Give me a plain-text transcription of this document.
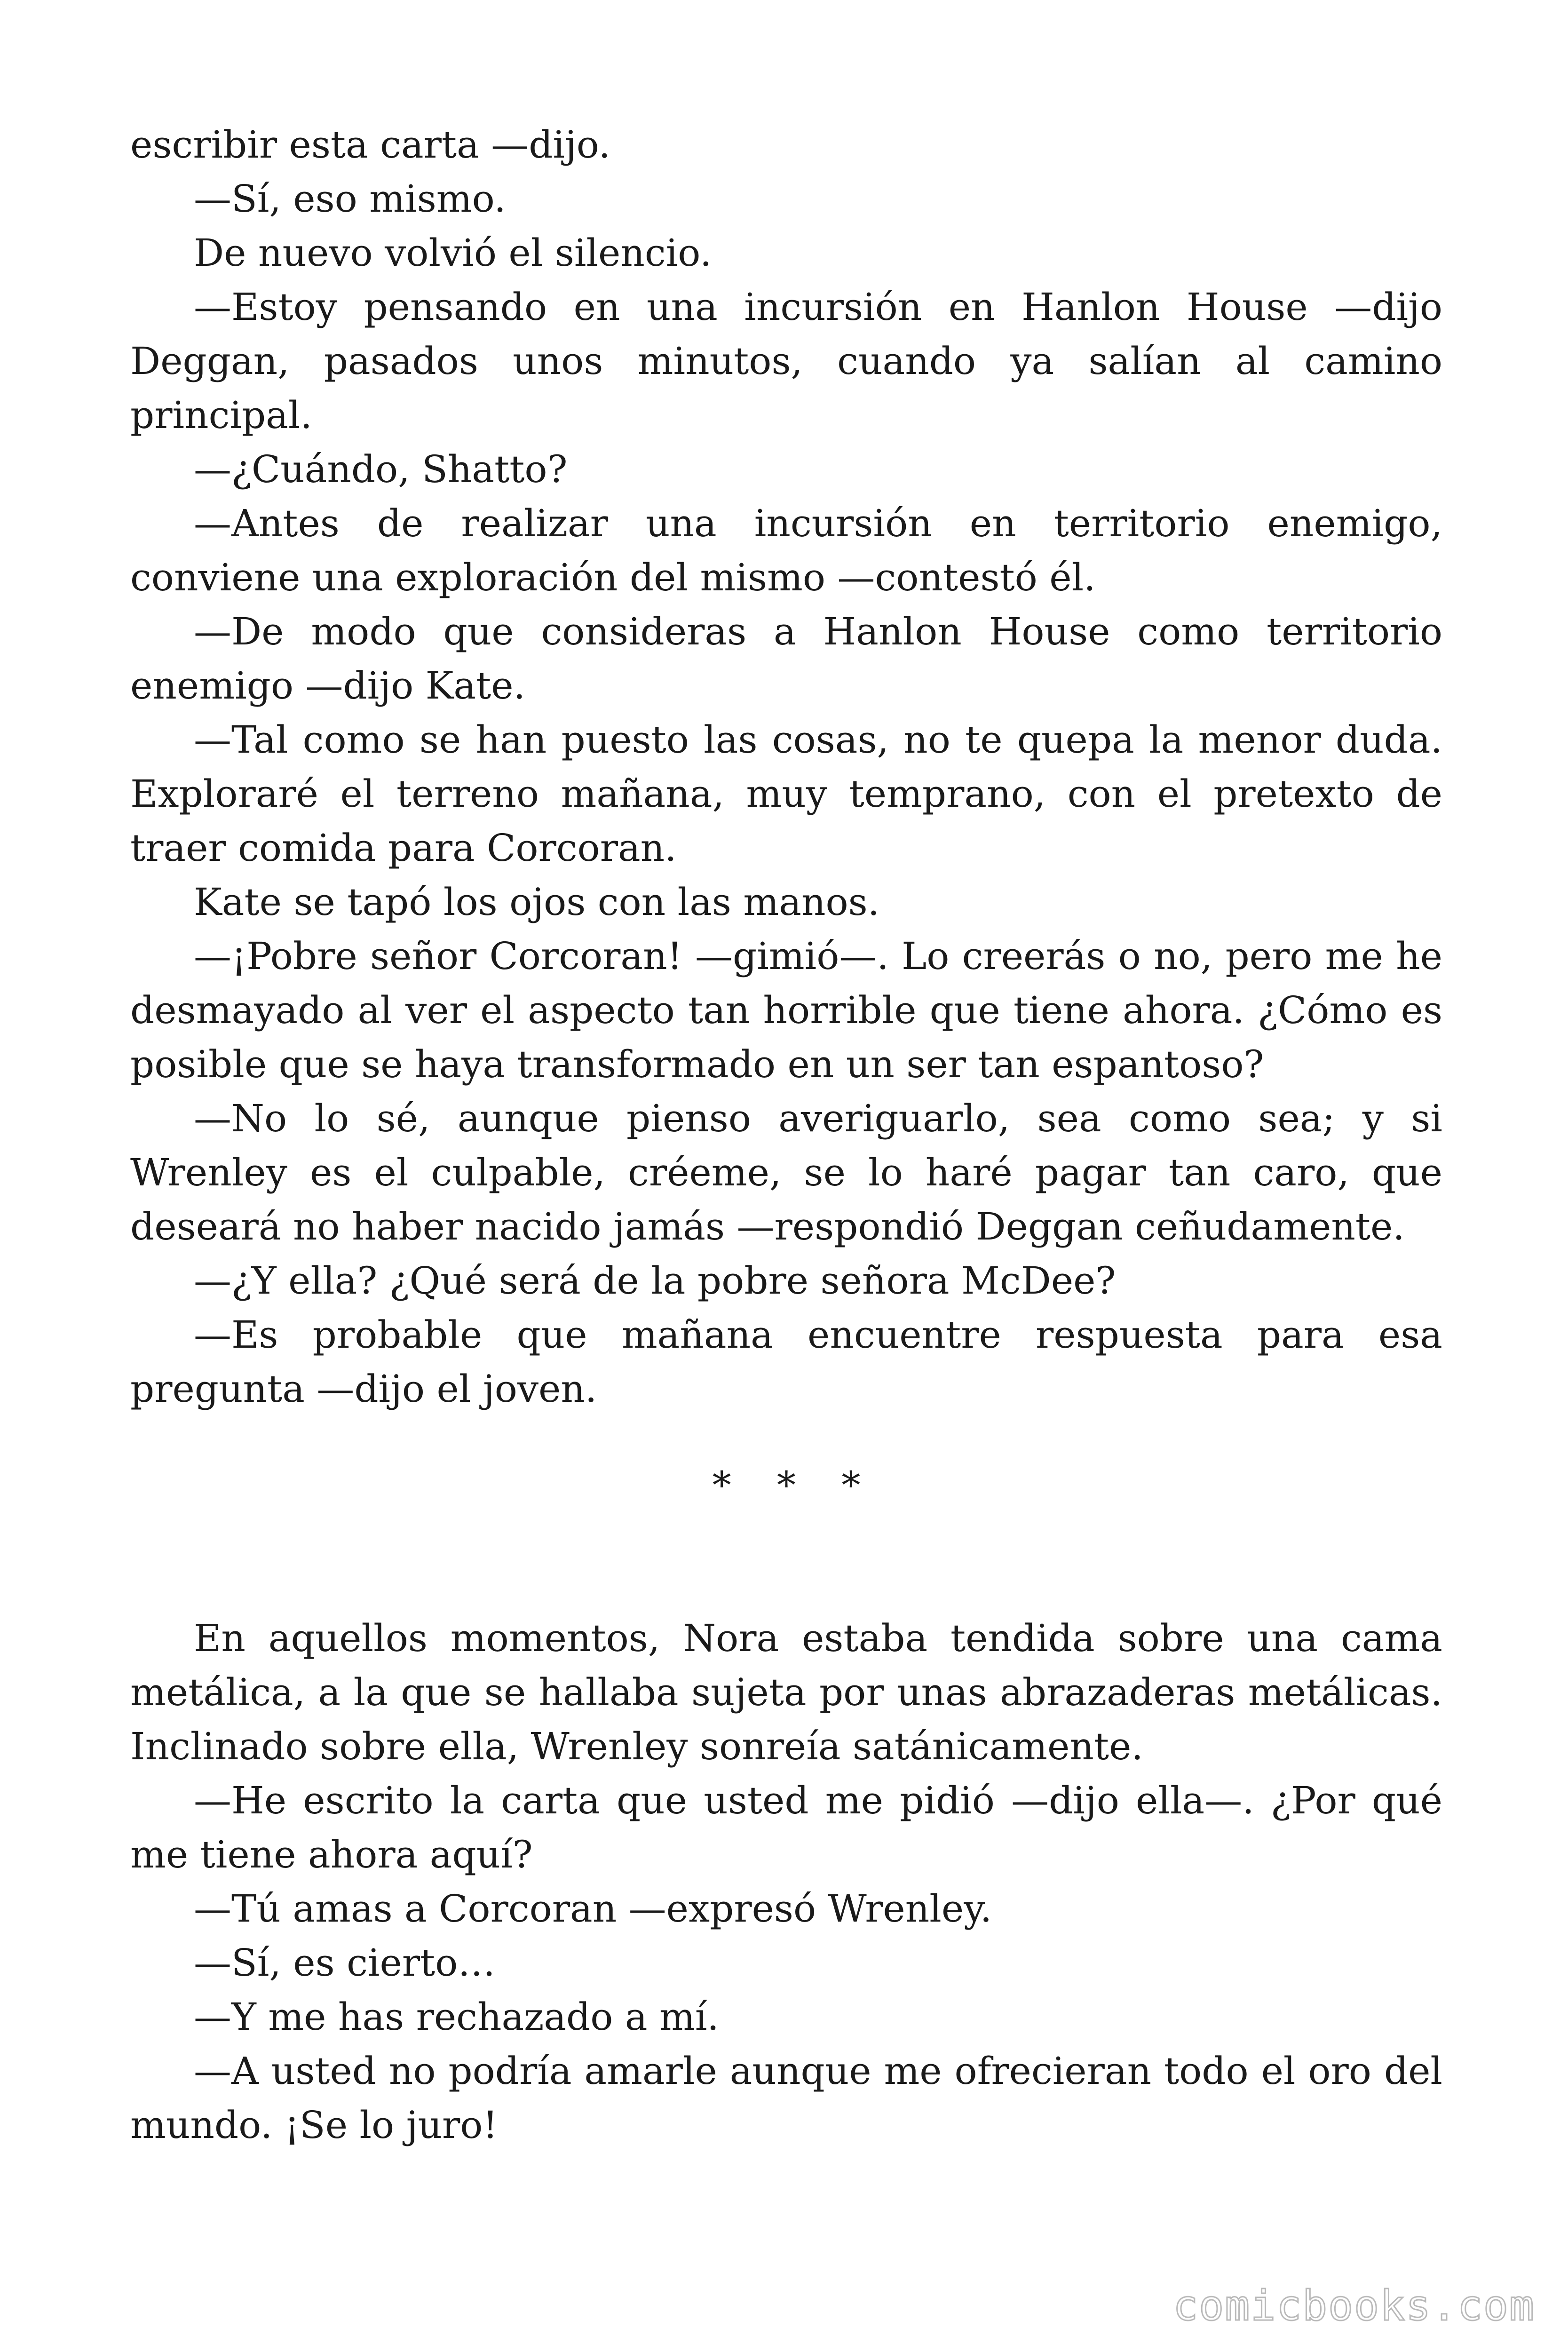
escribir esta carta —dijo.

—Sí, eso mismo.

De nuevo volvió el silencio.

—Estoy pensando en una incursión en Hanlon House —dijo Deggan, pasados unos minutos, cuando ya salían al camino principal.

—¿Cuándo, Shatto?

—Antes de realizar una incursión en territorio enemigo, conviene una exploración del mismo —contestó él.

—De modo que consideras a Hanlon House como territorio enemigo —dijo Kate.

—Tal como se han puesto las cosas, no te quepa la menor duda. Exploraré el terreno mañana, muy temprano, con el pretexto de traer comida para Corcoran.

Kate se tapó los ojos con las manos.

—¡Pobre señor Corcoran! —gimió—. Lo creerás o no, pero me he desmayado al ver el aspecto tan horrible que tiene ahora. ¿Cómo es posible que se haya transformado en un ser tan espantoso?

—No lo sé, aunque pienso averiguarlo, sea como sea; y si Wrenley es el culpable, créeme, se lo haré pagar tan caro, que deseará no haber nacido jamás —respondió Deggan ceñudamente.

—¿Y ella? ¿Qué será de la pobre señora McDee?

—Es probable que mañana encuentre respuesta para esa pregunta —dijo el joven.

* * *

En aquellos momentos, Nora estaba tendida sobre una cama metálica, a la que se hallaba sujeta por unas abrazaderas metálicas. Inclinado sobre ella, Wrenley sonreía satánicamente.

—He escrito la carta que usted me pidió —dijo ella—. ¿Por qué me tiene ahora aquí?

—Tú amas a Corcoran —expresó Wrenley.

—Sí, es cierto…

—Y me has rechazado a mí.

—A usted no podría amarle aunque me ofrecieran todo el oro del mundo. ¡Se lo juro!

comicbooks.com
